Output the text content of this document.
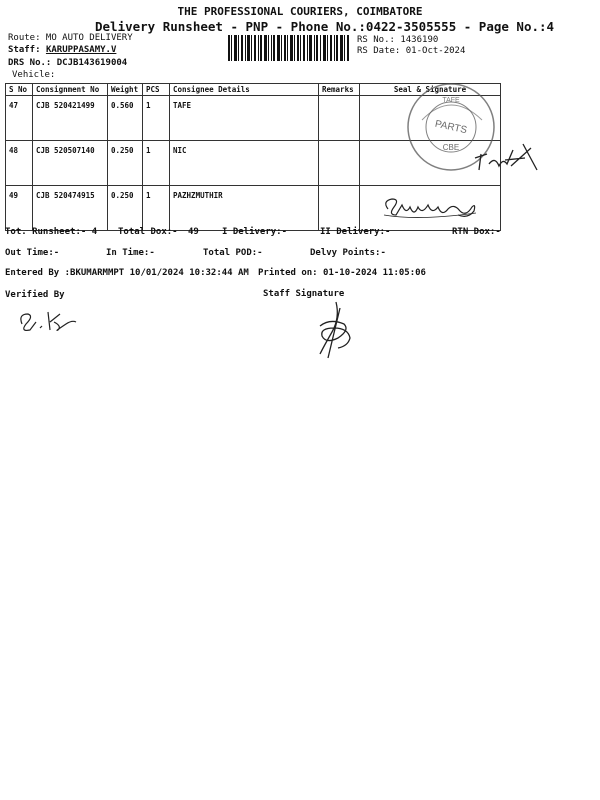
THE PROFESSIONAL COURIERS, COIMBATORE
Delivery Runsheet - PNP - Phone No.:0422-3505555 - Page No.:4
Route: MO AUTO DELIVERY
Staff: KARUPPASAMY.V
DRS No.: DCJB143619004
Vehicle:
RS No.: 1436190
RS Date: 01-Oct-2024
S No	Consignment No	Weight	PCS	Consignee Details	Remarks	Seal & Signature
47	CJB 520421499	0.560	1	TAFE		
48	CJB 520507140	0.250	1	NIC		
49	CJB 520474915	0.250	1	PAZHZMUTHIR		
PARTS
CBE
TAFE
Tot. Runsheet:- 4 Total Dox:- 49	I Delivery:-	II Delivery:-	RTN Dox:-
Out Time:-	In Time:-	Total POD:-	Delvy Points:-
Entered By :BKUMARMMPT 10/01/2024 10:32:44 AM Printed on: 01-10-2024 11:05:06
Verified By	Staff Signature
